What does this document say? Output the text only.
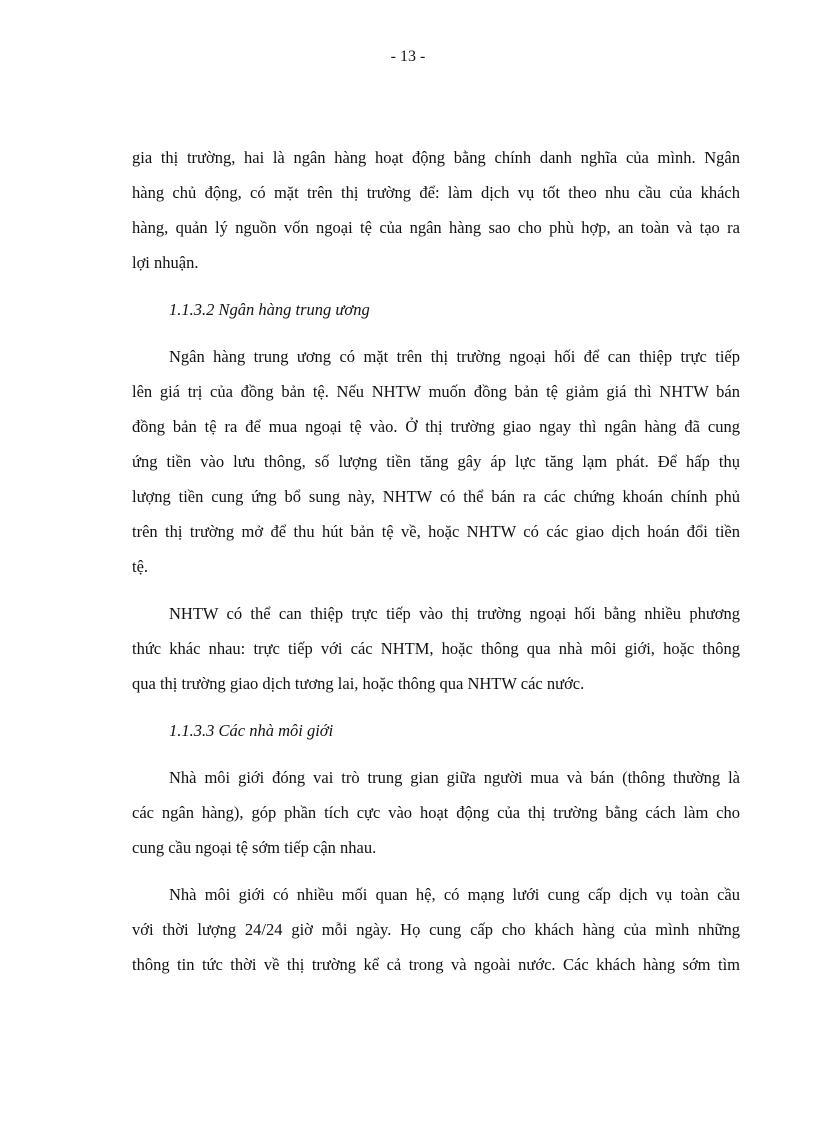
- 13 -
gia thị trường, hai là ngân hàng hoạt động bằng chính danh nghĩa của mình. Ngân
hàng chủ động, có mặt trên thị trường để: làm dịch vụ tốt theo nhu cầu của khách
hàng, quản lý nguồn vốn ngoại tệ của ngân hàng sao cho phù hợp, an toàn và tạo ra
lợi nhuận.
1.1.3.2 Ngân hàng trung ương
Ngân hàng trung ương có mặt trên thị trường ngoại hối để can thiệp trực tiếp
lên giá trị của đồng bản tệ. Nếu NHTW muốn đồng bản tệ giảm giá thì NHTW bán
đồng bản tệ ra để mua ngoại tệ vào. Ở thị trường giao ngay thì ngân hàng đã cung
ứng tiền vào lưu thông, số lượng tiền tăng gây áp lực tăng lạm phát. Để hấp thụ
lượng tiền cung ứng bổ sung này, NHTW có thể bán ra các chứng khoán chính phủ
trên thị trường mở để thu hút bản tệ về, hoặc NHTW có các giao dịch hoán đổi tiền
tệ.
NHTW có thể can thiệp trực tiếp vào thị trường ngoại hối bằng nhiều phương
thức khác nhau: trực tiếp với các NHTM, hoặc thông qua nhà môi giới, hoặc thông
qua thị trường giao dịch tương lai, hoặc thông qua NHTW các nước.
1.1.3.3 Các nhà môi giới
Nhà môi giới đóng vai trò trung gian giữa người mua và bán (thông thường là
các ngân hàng), góp phần tích cực vào hoạt động của thị trường bằng cách làm cho
cung cầu ngoại tệ sớm tiếp cận nhau.
Nhà môi giới có nhiều mối quan hệ, có mạng lưới cung cấp dịch vụ toàn cầu
với thời lượng 24/24 giờ mỗi ngày. Họ cung cấp cho khách hàng của mình những
thông tin tức thời về thị trường kể cả trong và ngoài nước. Các khách hàng sớm tìm
